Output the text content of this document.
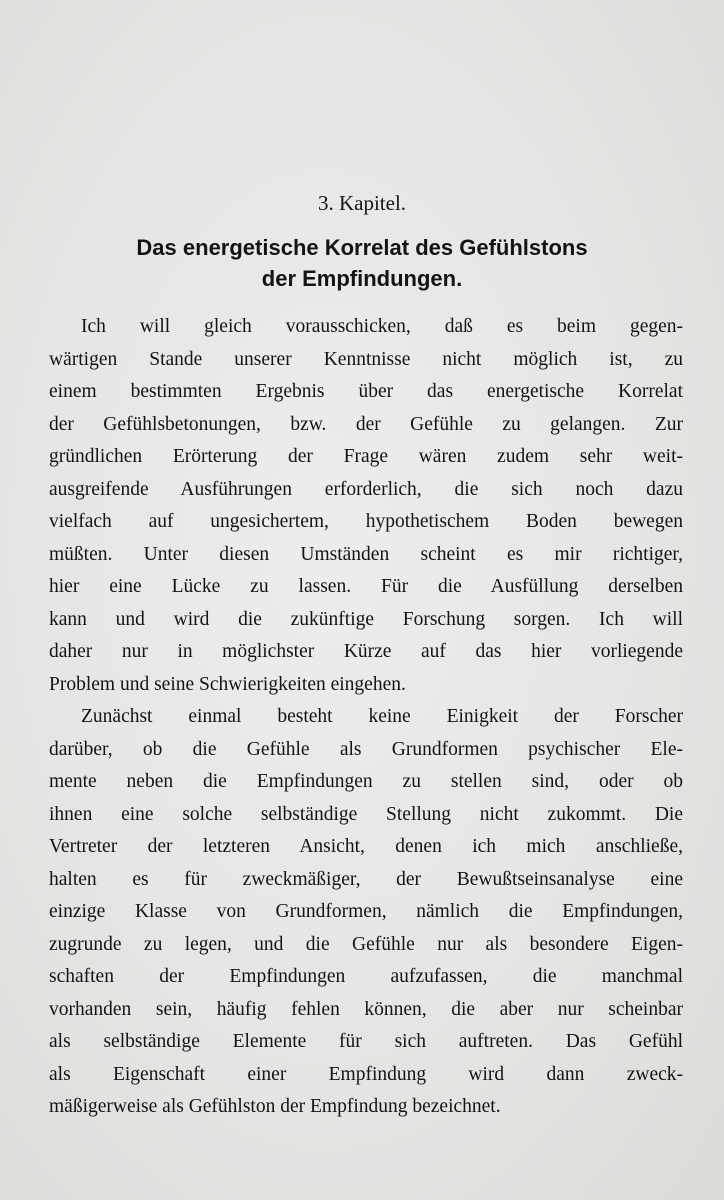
3. Kapitel.
Das energetische Korrelat des Gefühlstons
der Empfindungen.
Ich will gleich vorausschicken, daß es beim gegen-
wärtigen Stande unserer Kenntnisse nicht möglich ist, zu
einem bestimmten Ergebnis über das energetische Korrelat
der Gefühlsbetonungen, bzw. der Gefühle zu gelangen. Zur
gründlichen Erörterung der Frage wären zudem sehr weit-
ausgreifende Ausführungen erforderlich, die sich noch dazu
vielfach auf ungesichertem, hypothetischem Boden bewegen
müßten. Unter diesen Umständen scheint es mir richtiger,
hier eine Lücke zu lassen. Für die Ausfüllung derselben
kann und wird die zukünftige Forschung sorgen. Ich will
daher nur in möglichster Kürze auf das hier vorliegende
Problem und seine Schwierigkeiten eingehen.
Zunächst einmal besteht keine Einigkeit der Forscher
darüber, ob die Gefühle als Grundformen psychischer Ele-
mente neben die Empfindungen zu stellen sind, oder ob
ihnen eine solche selbständige Stellung nicht zukommt. Die
Vertreter der letzteren Ansicht, denen ich mich anschließe,
halten es für zweckmäßiger, der Bewußtseinsanalyse eine
einzige Klasse von Grundformen, nämlich die Empfindungen,
zugrunde zu legen, und die Gefühle nur als besondere Eigen-
schaften der Empfindungen aufzufassen, die manchmal
vorhanden sein, häufig fehlen können, die aber nur scheinbar
als selbständige Elemente für sich auftreten. Das Gefühl
als Eigenschaft einer Empfindung wird dann zweck-
mäßigerweise als Gefühlston der Empfindung bezeichnet.
